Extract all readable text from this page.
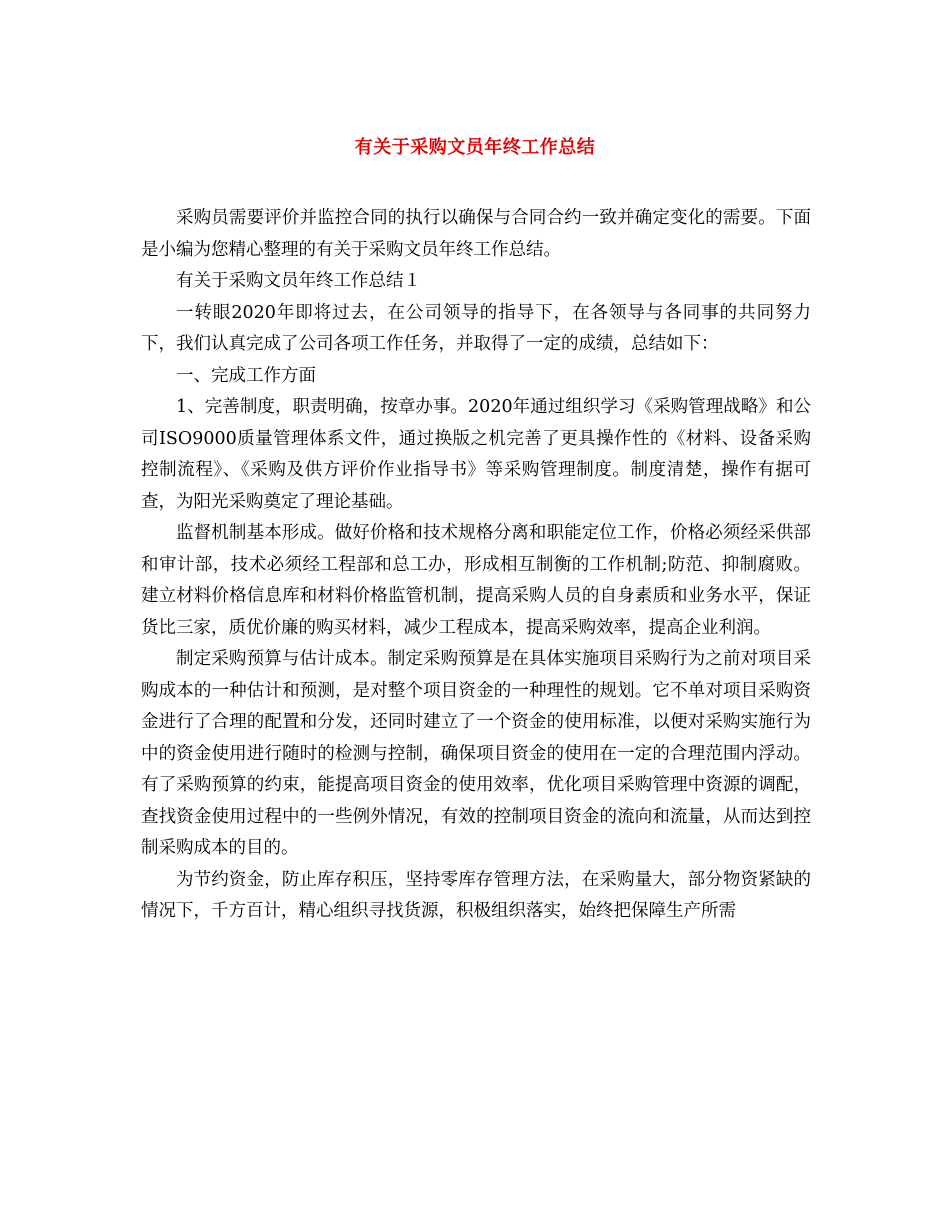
有关于采购文员年终工作总结

采购员需要评价并监控合同的执行以确保与合同合约一致并确定变化的需要。下面是小编为您精心整理的有关于采购文员年终工作总结。

有关于采购文员年终工作总结１

一转眼2020年即将过去，在公司领导的指导下，在各领导与各同事的共同努力下，我们认真完成了公司各项工作任务，并取得了一定的成绩，总结如下：

一、完成工作方面

1、完善制度，职责明确，按章办事。2020年通过组织学习《采购管理战略》和公司ISO9000质量管理体系文件，通过换版之机完善了更具操作性的《材料、设备采购控制流程》、《采购及供方评价作业指导书》等采购管理制度。制度清楚，操作有据可查，为阳光采购奠定了理论基础。

监督机制基本形成。做好价格和技术规格分离和职能定位工作，价格必须经采供部和审计部，技术必须经工程部和总工办，形成相互制衡的工作机制;防范、抑制腐败。建立材料价格信息库和材料价格监管机制，提高采购人员的自身素质和业务水平，保证货比三家，质优价廉的购买材料，减少工程成本，提高采购效率，提高企业利润。

制定采购预算与估计成本。制定采购预算是在具体实施项目采购行为之前对项目采购成本的一种估计和预测，是对整个项目资金的一种理性的规划。它不单对项目采购资金进行了合理的配置和分发，还同时建立了一个资金的使用标准，以便对采购实施行为中的资金使用进行随时的检测与控制，确保项目资金的使用在一定的合理范围内浮动。有了采购预算的约束，能提高项目资金的使用效率，优化项目采购管理中资源的调配，查找资金使用过程中的一些例外情况，有效的控制项目资金的流向和流量，从而达到控制采购成本的目的。

为节约资金，防止库存积压，坚持零库存管理方法，在采购量大，部分物资紧缺的情况下，千方百计，精心组织寻找货源，积极组织落实，始终把保障生产所需
